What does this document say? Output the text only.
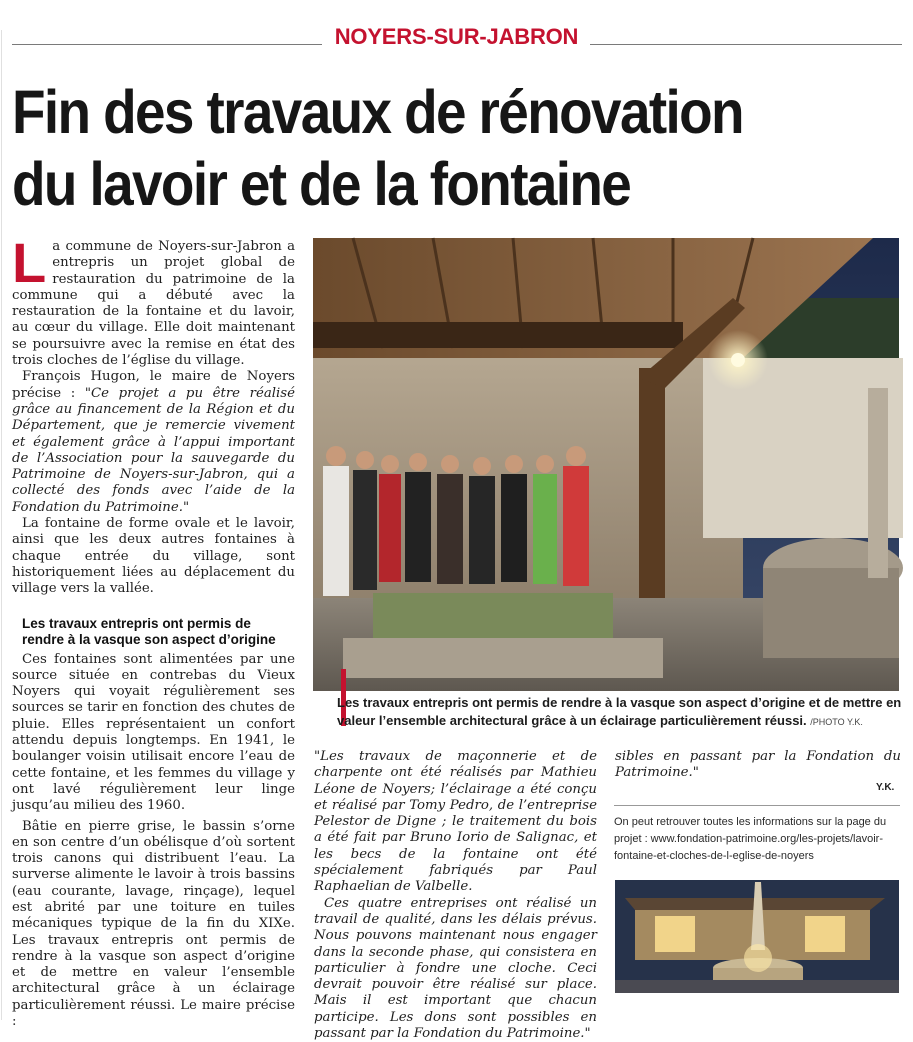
NOYERS-SUR-JABRON
Fin des travaux de rénovation
du lavoir et de la fontaine

La commune de Noyers-sur-Jabron a entrepris un projet global de restauration du patrimoine de la commune qui a débuté avec la restauration de la fontaine et du lavoir, au cœur du village. Elle doit maintenant se poursuivre avec la remise en état des trois cloches de l’église du village.

François Hugon, le maire de Noyers précise : "Ce projet a pu être réalisé grâce au financement de la Région et du Département, que je remercie vivement et également grâce à l’appui important de l’Association pour la sauvegarde du Patrimoine de Noyers-sur-Jabron, qui a collecté des fonds avec l’aide de la Fondation du Patrimoine."

La fontaine de forme ovale et le lavoir, ainsi que les deux autres fontaines à chaque entrée du village, sont historiquement liées au déplacement du village vers la vallée.

Les travaux entrepris ont permis de rendre à la vasque son aspect d’origine

Ces fontaines sont alimentées par une source située en contrebas du Vieux Noyers qui voyait régulièrement ses sources se tarir en fonction des chutes de pluie. Elles représentaient un confort attendu depuis longtemps. En 1941, le boulanger voisin utilisait encore l’eau de cette fontaine, et les femmes du village y ont lavé régulièrement leur linge jusqu’au milieu des 1960.

Bâtie en pierre grise, le bassin s’orne en son centre d’un obélisque d’où sortent trois canons qui distribuent l’eau. La surverse alimente le lavoir à trois bassins (eau courante, lavage, rinçage), lequel est abrité par une toiture en tuiles mécaniques typique de la fin du XIXe. Les travaux entrepris ont permis de rendre à la vasque son aspect d’origine et de mettre en valeur l’ensemble architectural grâce à un éclairage particulièrement réussi. Le maire précise :

Les travaux entrepris ont permis de rendre à la vasque son aspect d’origine et de mettre en valeur l’ensemble architectural grâce à un éclairage particulièrement réussi. /PHOTO Y.K.

"Les travaux de maçonnerie et de charpente ont été réalisés par Mathieu Léone de Noyers; l’éclairage a été conçu et réalisé par Tomy Pedro, de l’entreprise Pelestor de Digne ; le traitement du bois a été fait par Bruno Iorio de Salignac, et les becs de la fontaine ont été spécialement fabriqués par Paul Raphaelian de Valbelle.

Ces quatre entreprises ont réalisé un travail de qualité, dans les délais prévus. Nous pouvons maintenant nous engager dans la seconde phase, qui consistera en particulier à fondre une cloche. Ceci devrait pouvoir être réalisé sur place. Mais il est important que chacun participe. Les dons sont possibles en passant par la Fondation du Patrimoine."

sibles en passant par la Fondation du Patrimoine."

Y.K.
On peut retrouver toutes les informations sur la page du projet : www.fondation-patrimoine.org/les-projets/lavoir-fontaine-et-cloches-de-l-eglise-de-noyers
